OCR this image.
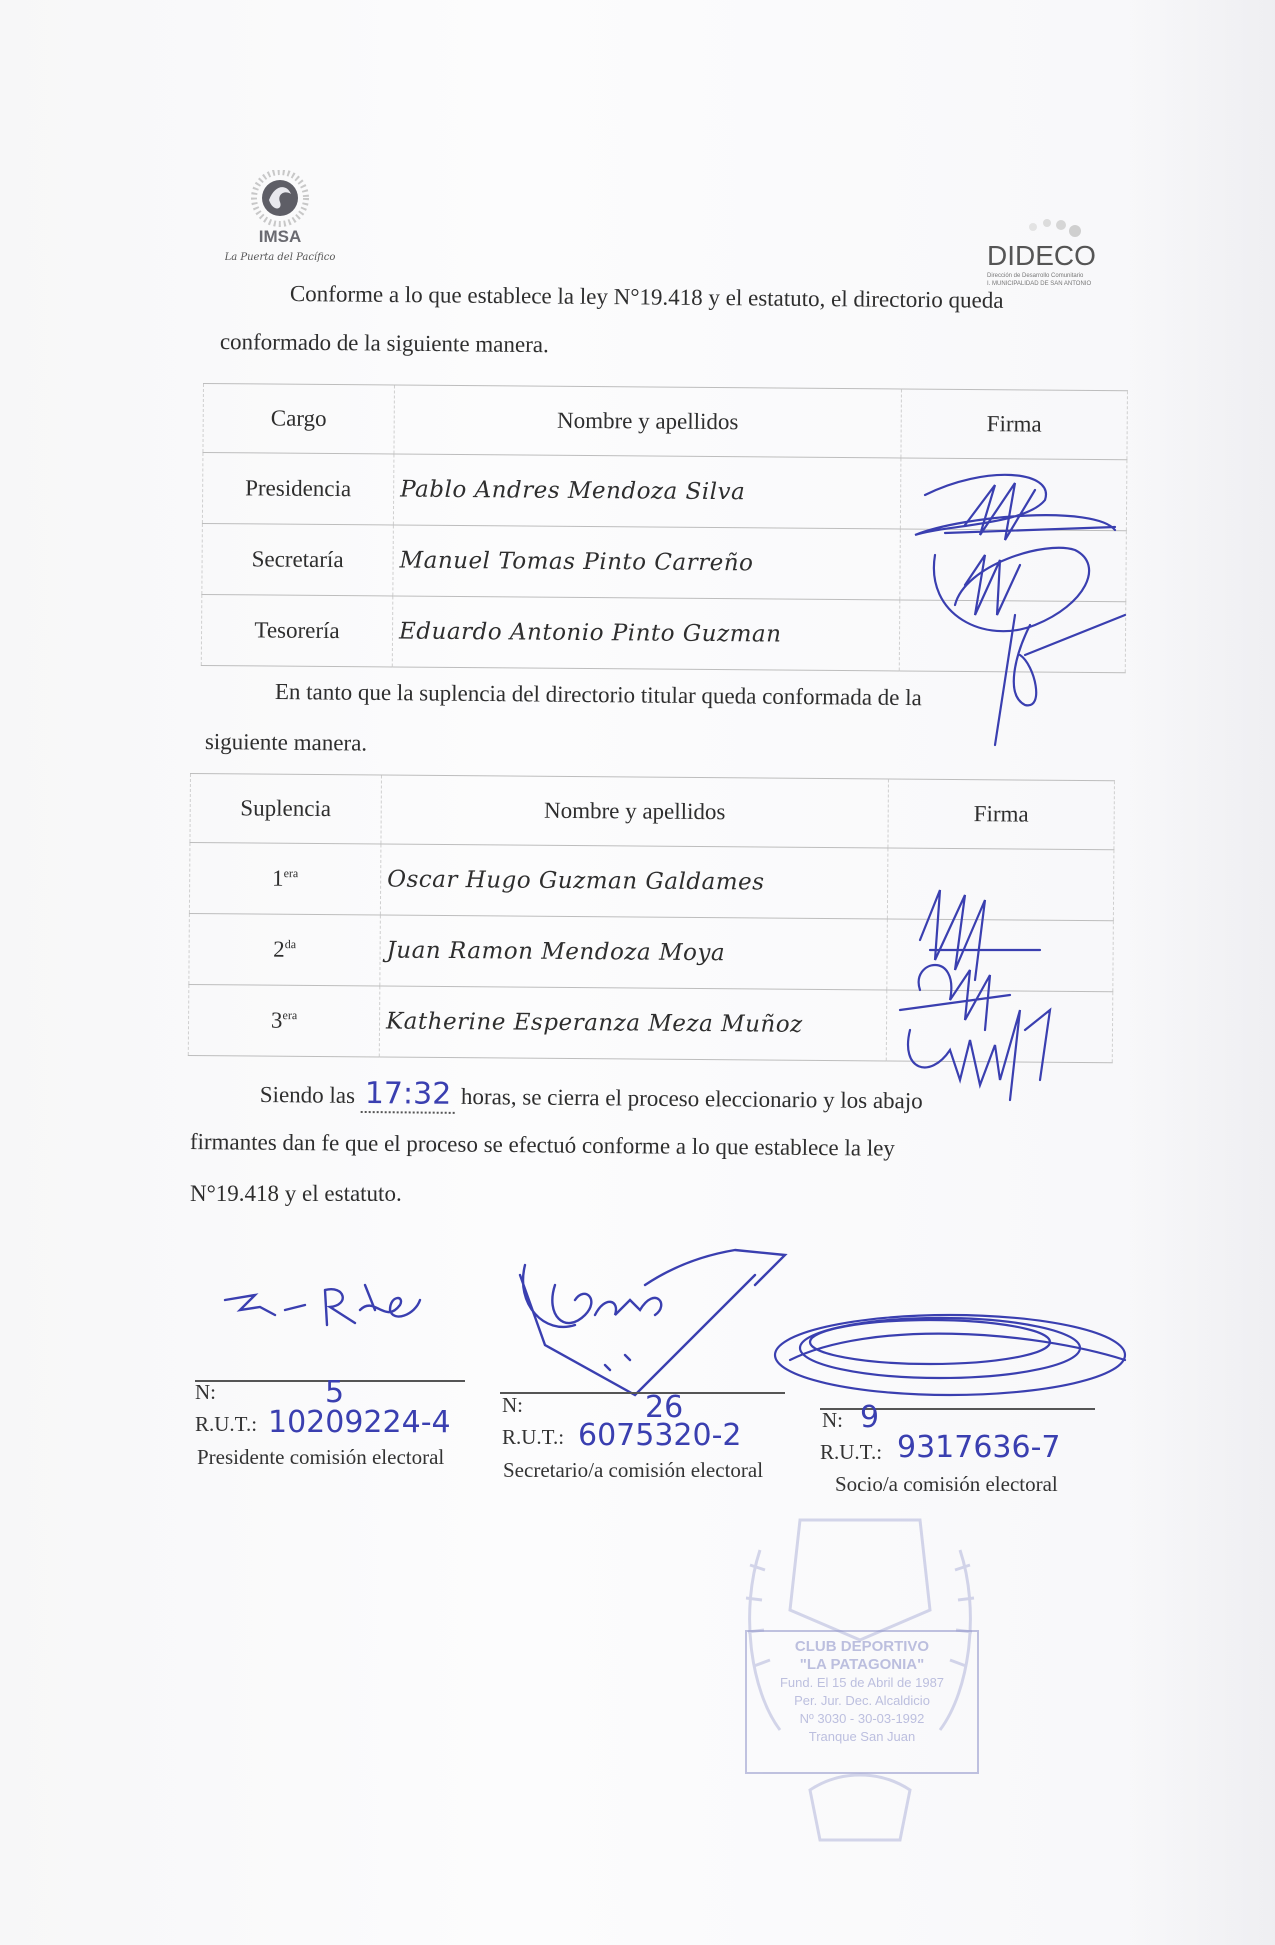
IMSA
La Puerta del Pacífico	DIDECO
Dirección de Desarrollo Comunitario
I. MUNICIPALIDAD DE SAN ANTONIO
Conforme a lo que establece la ley N°19.418 y el estatuto, el directorio queda
conformado de la siguiente manera.
Cargo	Nombre y apellidos	Firma
Presidencia	Pablo Andres Mendoza Silva	
Secretaría	Manuel Tomas Pinto Carreño	
Tesorería	Eduardo Antonio Pinto Guzman	
En tanto que la suplencia del directorio titular queda conformada de la
siguiente manera.
Suplencia	Nombre y apellidos	Firma
$1^{era}$	Oscar Hugo Guzman Galdames	
$2^{da}$	Juan Ramon Mendoza Moya	
$3^{era}$	Katherine Esperanza Meza Muñoz	
Siendo las 17:32 horas, se cierra el proceso eleccionario y los abajo
firmantes dan fe que el proceso se efectuó conforme a lo que establece la ley
N°19.418 y el estatuto.
N:	5
R.U.T.: 10209224-4
Presidente comisión electoral
N:	26
R.U.T.: 6075320-2
Secretario/a comisión electoral
N: 9
R.U.T.: 9317636-7
Socio/a comisión electoral
CLUB DEPORTIVO
"LA PATAGONIA"
Fund. El 15 de Abril de 1987
Per. Jur. Dec. Alcaldicio
Nº 3030 - 30-03-1992
Tranque San Juan
